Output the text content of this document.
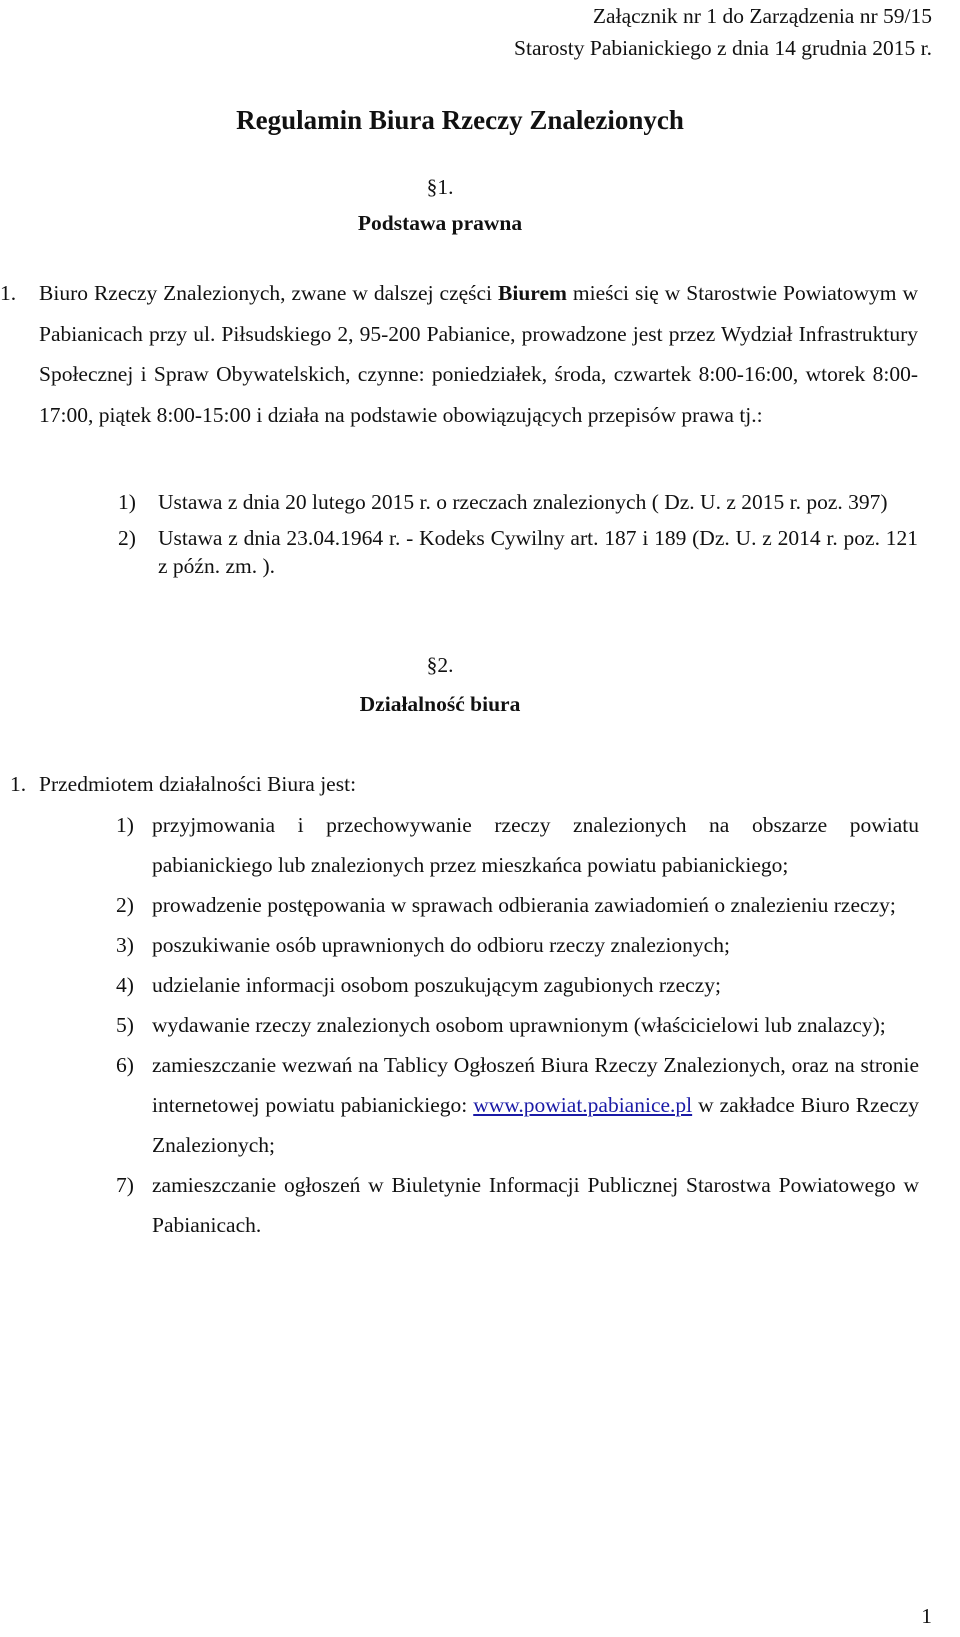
Załącznik nr 1 do Zarządzenia nr 59/15
Starosty Pabianickiego z dnia 14 grudnia 2015 r.
Regulamin Biura Rzeczy Znalezionych
§1.
Podstawa prawna
1. Biuro Rzeczy Znalezionych, zwane w dalszej części Biurem mieści się w Starostwie Powiatowym w Pabianicach przy ul. Piłsudskiego 2, 95-200 Pabianice, prowadzone jest przez Wydział Infrastruktury Społecznej i Spraw Obywatelskich, czynne: poniedziałek, środa, czwartek 8:00-16:00, wtorek 8:00-17:00, piątek 8:00-15:00 i działa na podstawie obowiązujących przepisów prawa tj.:
1) Ustawa z dnia 20 lutego 2015 r. o rzeczach znalezionych ( Dz. U. z 2015 r. poz. 397)
2) Ustawa z dnia 23.04.1964 r. - Kodeks Cywilny art. 187 i 189 (Dz. U. z 2014 r. poz. 121 z późn. zm. ).
§2.
Działalność biura
1. Przedmiotem działalności Biura jest:
1) przyjmowania i przechowywanie rzeczy znalezionych na obszarze powiatu pabianickiego lub znalezionych przez mieszkańca powiatu pabianickiego;
2) prowadzenie postępowania w sprawach odbierania zawiadomień o znalezieniu rzeczy;
3) poszukiwanie osób uprawnionych do odbioru rzeczy znalezionych;
4) udzielanie informacji osobom poszukującym zagubionych rzeczy;
5) wydawanie rzeczy znalezionych osobom uprawnionym (właścicielowi lub znalazcy);
6) zamieszczanie wezwań na Tablicy Ogłoszeń Biura Rzeczy Znalezionych, oraz na stronie internetowej powiatu pabianickiego: www.powiat.pabianice.pl w zakładce Biuro Rzeczy Znalezionych;
7) zamieszczanie ogłoszeń w Biuletynie Informacji Publicznej Starostwa Powiatowego w Pabianicach.
1
